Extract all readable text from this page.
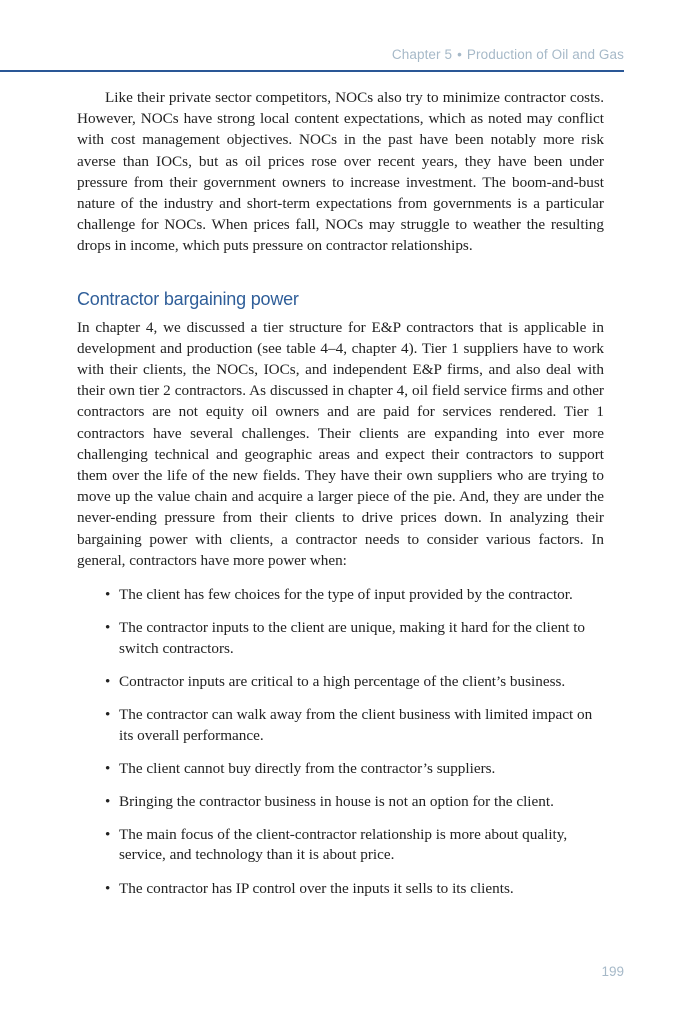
Chapter 5 • Production of Oil and Gas

Like their private sector competitors, NOCs also try to minimize contractor costs. However, NOCs have strong local content expectations, which as noted may conflict with cost management objectives. NOCs in the past have been notably more risk averse than IOCs, but as oil prices rose over recent years, they have been under pressure from their government owners to increase investment. The boom-and-bust nature of the industry and short-term expectations from governments is a particular challenge for NOCs. When prices fall, NOCs may struggle to weather the resulting drops in income, which puts pressure on contractor relationships.

Contractor bargaining power

In chapter 4, we discussed a tier structure for E&P contractors that is applicable in development and production (see table 4–4, chapter 4). Tier 1 suppliers have to work with their clients, the NOCs, IOCs, and independent E&P firms, and also deal with their own tier 2 contractors. As discussed in chapter 4, oil field service firms and other contractors are not equity oil owners and are paid for services rendered. Tier 1 contractors have several challenges. Their clients are expanding into ever more challenging technical and geographic areas and expect their contractors to support them over the life of the new fields. They have their own suppliers who are trying to move up the value chain and acquire a larger piece of the pie. And, they are under the never-ending pressure from their clients to drive prices down. In analyzing their bargaining power with clients, a contractor needs to consider various factors. In general, contractors have more power when:

• The client has few choices for the type of input provided by the contractor.
• The contractor inputs to the client are unique, making it hard for the client to switch contractors.
• Contractor inputs are critical to a high percentage of the client’s business.
• The contractor can walk away from the client business with limited impact on its overall performance.
• The client cannot buy directly from the contractor’s suppliers.
• Bringing the contractor business in house is not an option for the client.
• The main focus of the client-contractor relationship is more about quality, service, and technology than it is about price.
• The contractor has IP control over the inputs it sells to its clients.
199
